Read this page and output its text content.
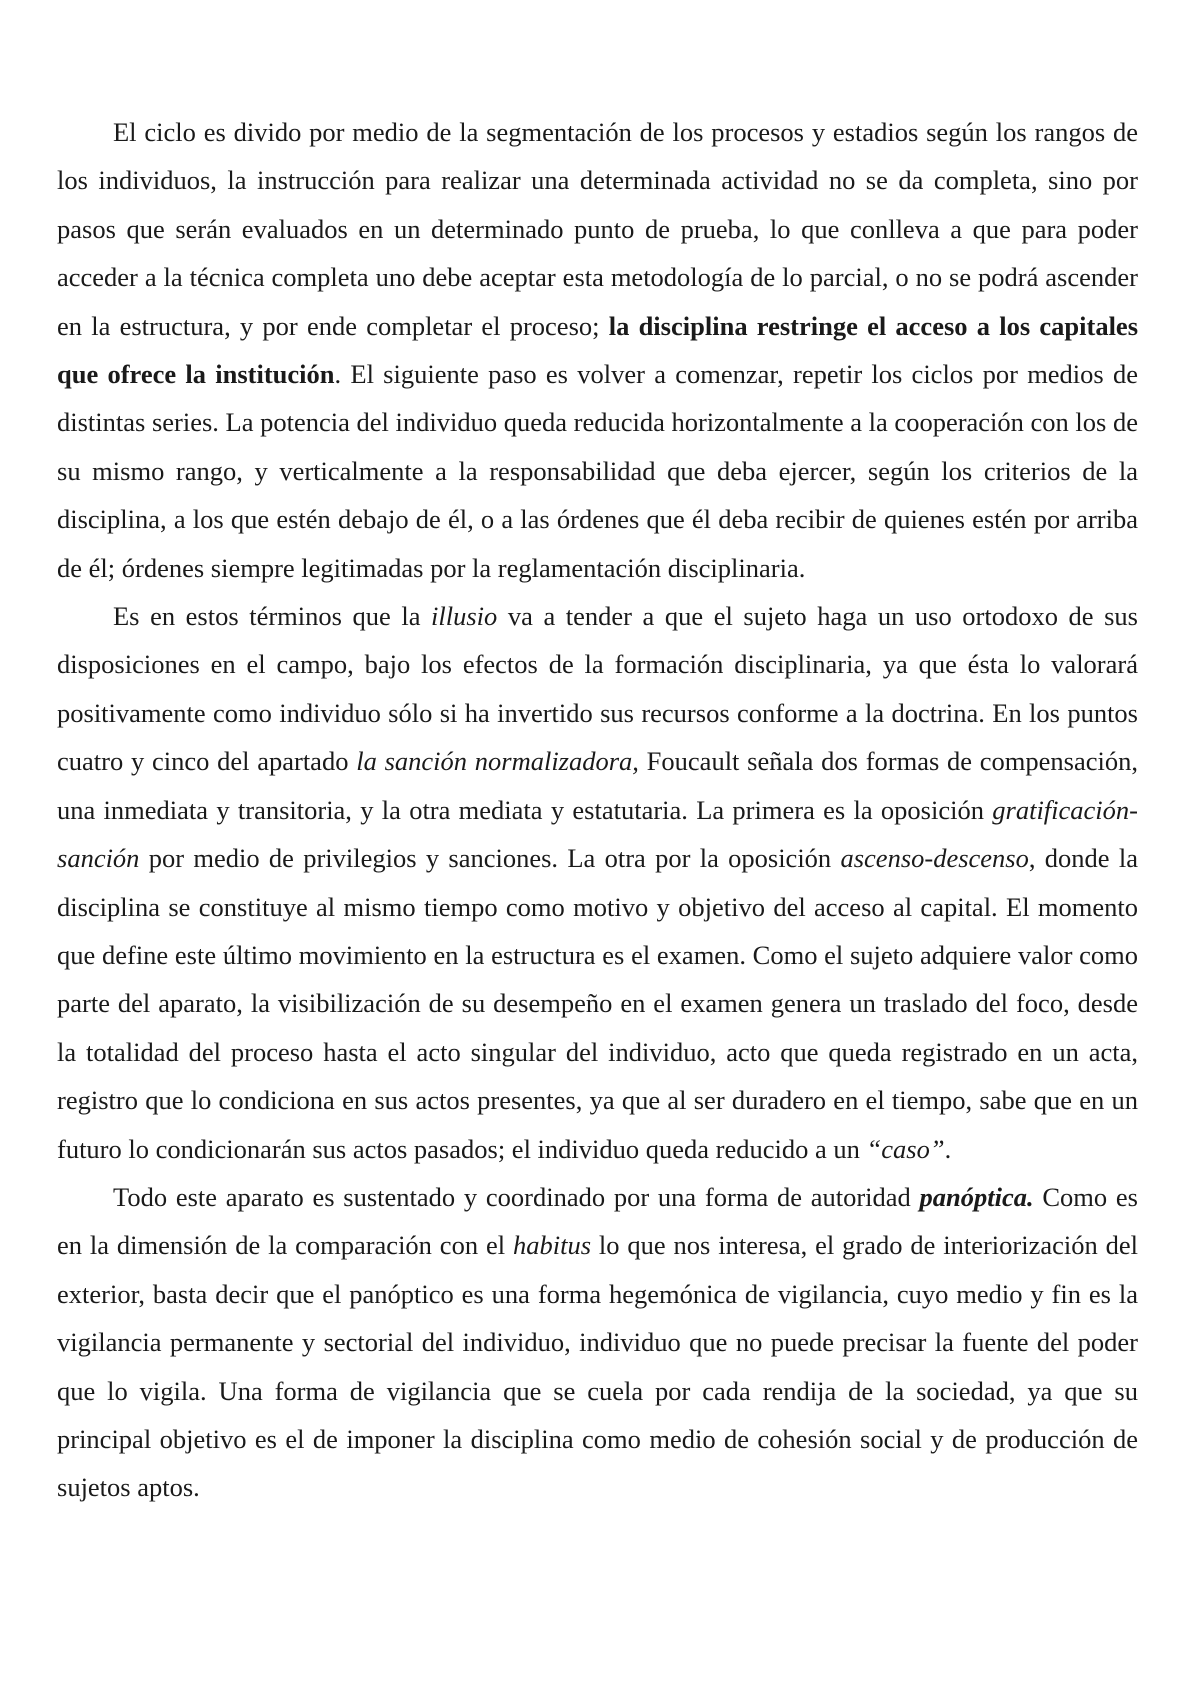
El ciclo es divido por medio de la segmentación de los procesos y estadios según los rangos de los individuos, la instrucción para realizar una determinada actividad no se da completa, sino por pasos que serán evaluados en un determinado punto de prueba, lo que conlleva a que para poder acceder a la técnica completa uno debe aceptar esta metodología de lo parcial, o no se podrá ascender en la estructura, y por ende completar el proceso; la disciplina restringe el acceso a los capitales que ofrece la institución. El siguiente paso es volver a comenzar, repetir los ciclos por medios de distintas series. La potencia del individuo queda reducida horizontalmente a la cooperación con los de su mismo rango, y verticalmente a la responsabilidad que deba ejercer, según los criterios de la disciplina, a los que estén debajo de él, o a las órdenes que él deba recibir de quienes estén por arriba de él; órdenes siempre legitimadas por la reglamentación disciplinaria.

Es en estos términos que la illusio va a tender a que el sujeto haga un uso ortodoxo de sus disposiciones en el campo, bajo los efectos de la formación disciplinaria, ya que ésta lo valorará positivamente como individuo sólo si ha invertido sus recursos conforme a la doctrina. En los puntos cuatro y cinco del apartado la sanción normalizadora, Foucault señala dos formas de compensación, una inmediata y transitoria, y la otra mediata y estatutaria. La primera es la oposición gratificación-sanción por medio de privilegios y sanciones. La otra por la oposición ascenso-descenso, donde la disciplina se constituye al mismo tiempo como motivo y objetivo del acceso al capital. El momento que define este último movimiento en la estructura es el examen. Como el sujeto adquiere valor como parte del aparato, la visibilización de su desempeño en el examen genera un traslado del foco, desde la totalidad del proceso hasta el acto singular del individuo, acto que queda registrado en un acta, registro que lo condiciona en sus actos presentes, ya que al ser duradero en el tiempo, sabe que en un futuro lo condicionarán sus actos pasados; el individuo queda reducido a un “caso”.

Todo este aparato es sustentado y coordinado por una forma de autoridad panóptica. Como es en la dimensión de la comparación con el habitus lo que nos interesa, el grado de interiorización del exterior, basta decir que el panóptico es una forma hegemónica de vigilancia, cuyo medio y fin es la vigilancia permanente y sectorial del individuo, individuo que no puede precisar la fuente del poder que lo vigila. Una forma de vigilancia que se cuela por cada rendija de la sociedad, ya que su principal objetivo es el de imponer la disciplina como medio de cohesión social y de producción de sujetos aptos.
